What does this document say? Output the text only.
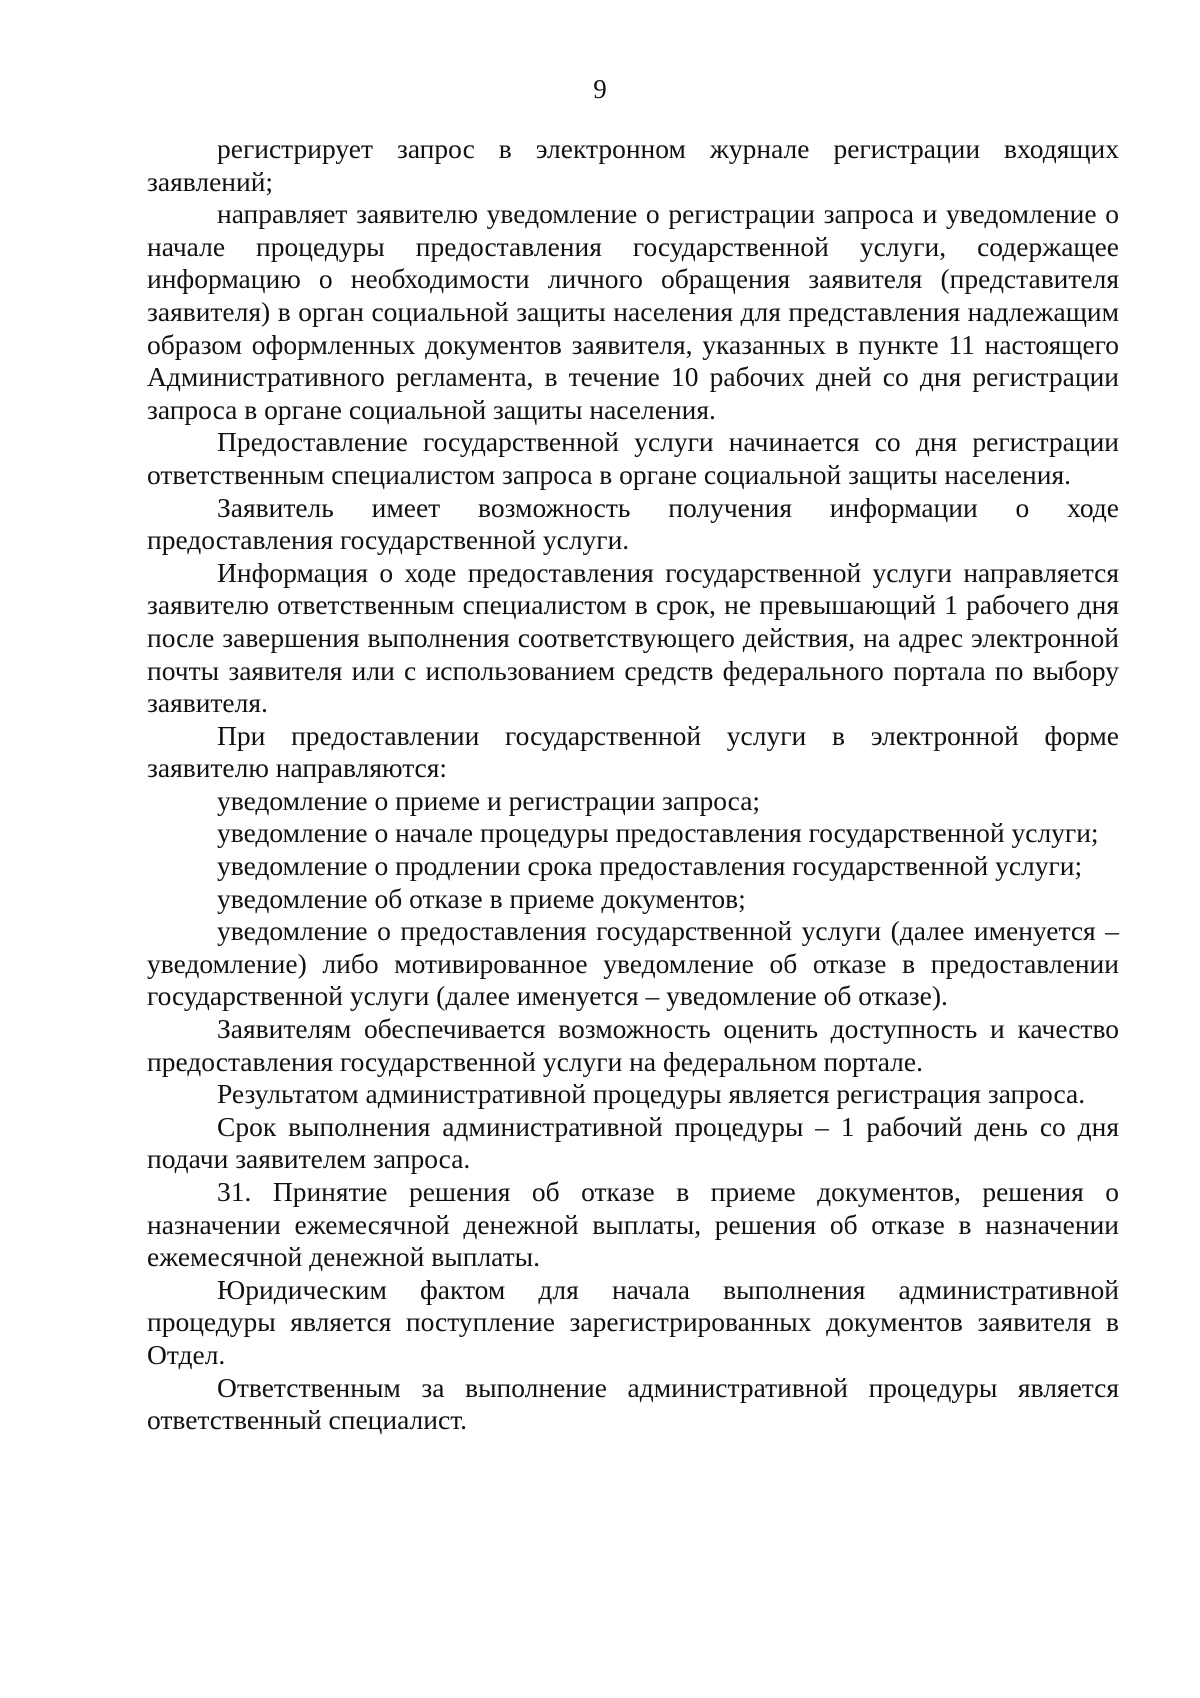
9

регистрирует запрос в электронном журнале регистрации входящих заявлений;

направляет заявителю уведомление о регистрации запроса и уведомление о начале процедуры предоставления государственной услуги, содержащее информацию о необходимости личного обращения заявителя (представителя заявителя) в орган социальной защиты населения для представления надлежащим образом оформленных документов заявителя, указанных в пункте 11 настоящего Административного регламента, в течение 10 рабочих дней со дня регистрации запроса в органе социальной защиты населения.

Предоставление государственной услуги начинается со дня регистрации ответственным специалистом запроса в органе социальной защиты населения.

Заявитель имеет возможность получения информации о ходе предоставления государственной услуги.

Информация о ходе предоставления государственной услуги направляется заявителю ответственным специалистом в срок, не превышающий 1 рабочего дня после завершения выполнения соответствующего действия, на адрес электронной почты заявителя или с использованием средств федерального портала по выбору заявителя.

При предоставлении государственной услуги в электронной форме заявителю направляются:

уведомление о приеме и регистрации запроса;

уведомление о начале процедуры предоставления государственной услуги;

уведомление о продлении срока предоставления государственной услуги;

уведомление об отказе в приеме документов;

уведомление о предоставления государственной услуги (далее именуется – уведомление) либо мотивированное уведомление об отказе в предоставлении государственной услуги (далее именуется – уведомление об отказе).

Заявителям обеспечивается возможность оценить доступность и качество предоставления государственной услуги на федеральном портале.

Результатом административной процедуры является регистрация запроса.

Срок выполнения административной процедуры – 1 рабочий день со дня подачи заявителем запроса.

31. Принятие решения об отказе в приеме документов, решения о назначении ежемесячной денежной выплаты, решения об отказе в назначении ежемесячной денежной выплаты.

Юридическим фактом для начала выполнения административной процедуры является поступление зарегистрированных документов заявителя в Отдел.

Ответственным за выполнение административной процедуры является ответственный специалист.
